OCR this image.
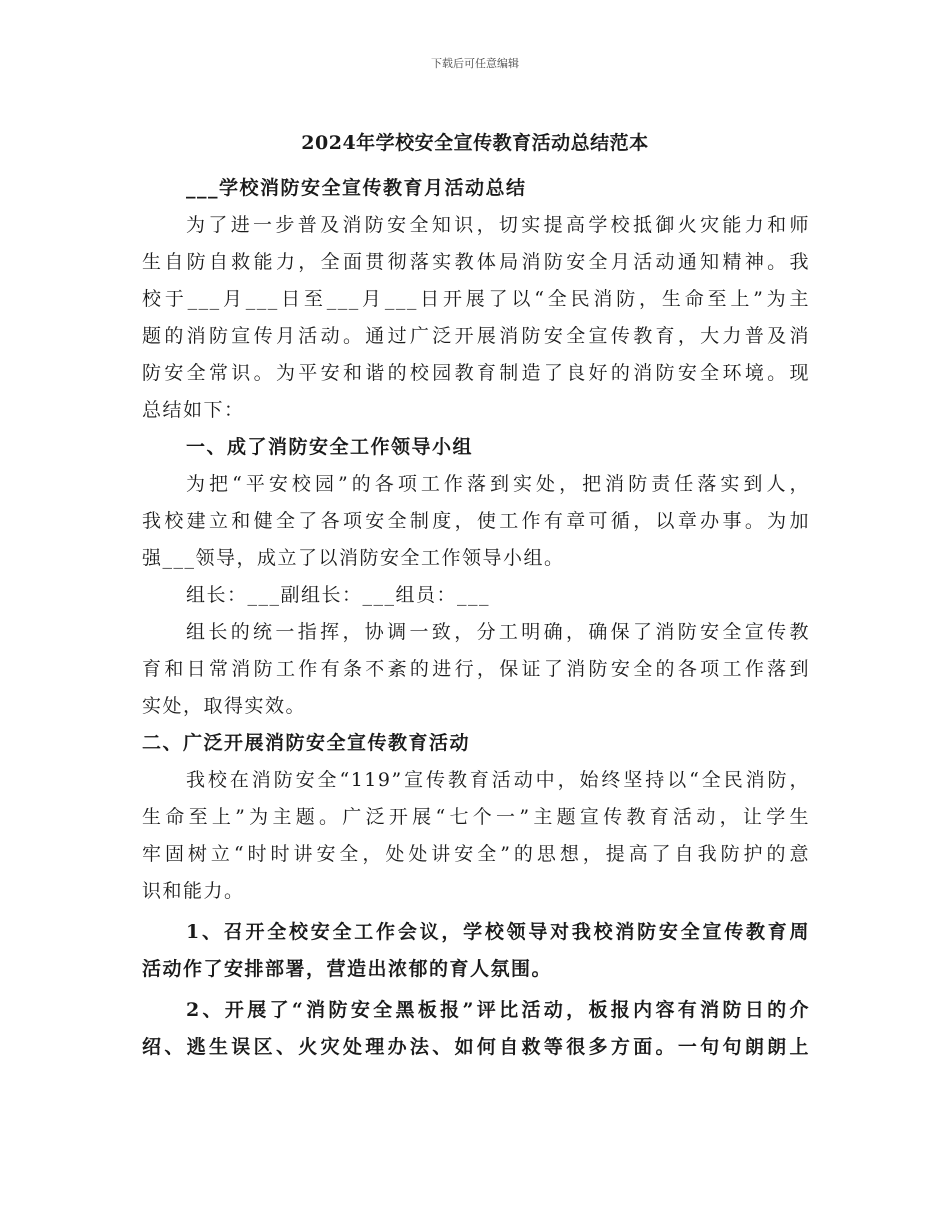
下载后可任意编辑
2024年学校安全宣传教育活动总结范本
___学校消防安全宣传教育月活动总结
为了进一步普及消防安全知识，切实提高学校抵御火灾能力和师
生自防自救能力，全面贯彻落实教体局消防安全月活动通知精神。我
校于___月___日至___月___日开展了以“全民消防，生命至上”为主
题的消防宣传月活动。通过广泛开展消防安全宣传教育，大力普及消
防安全常识。为平安和谐的校园教育制造了良好的消防安全环境。现
总结如下：
一、成了消防安全工作领导小组
为把“平安校园”的各项工作落到实处，把消防责任落实到人，
我校建立和健全了各项安全制度，使工作有章可循，以章办事。为加
强___领导，成立了以消防安全工作领导小组。
组长：___副组长：___组员：___
组长的统一指挥，协调一致，分工明确，确保了消防安全宣传教
育和日常消防工作有条不紊的进行，保证了消防安全的各项工作落到
实处，取得实效。
二、广泛开展消防安全宣传教育活动
我校在消防安全“119”宣传教育活动中，始终坚持以“全民消防，
生命至上”为主题。广泛开展“七个一”主题宣传教育活动，让学生
牢固树立“时时讲安全，处处讲安全”的思想，提高了自我防护的意
识和能力。
1、召开全校安全工作会议，学校领导对我校消防安全宣传教育周
活动作了安排部署，营造出浓郁的育人氛围。
2、开展了“消防安全黑板报”评比活动，板报内容有消防日的介
绍、逃生误区、火灾处理办法、如何自救等很多方面。一句句朗朗上
